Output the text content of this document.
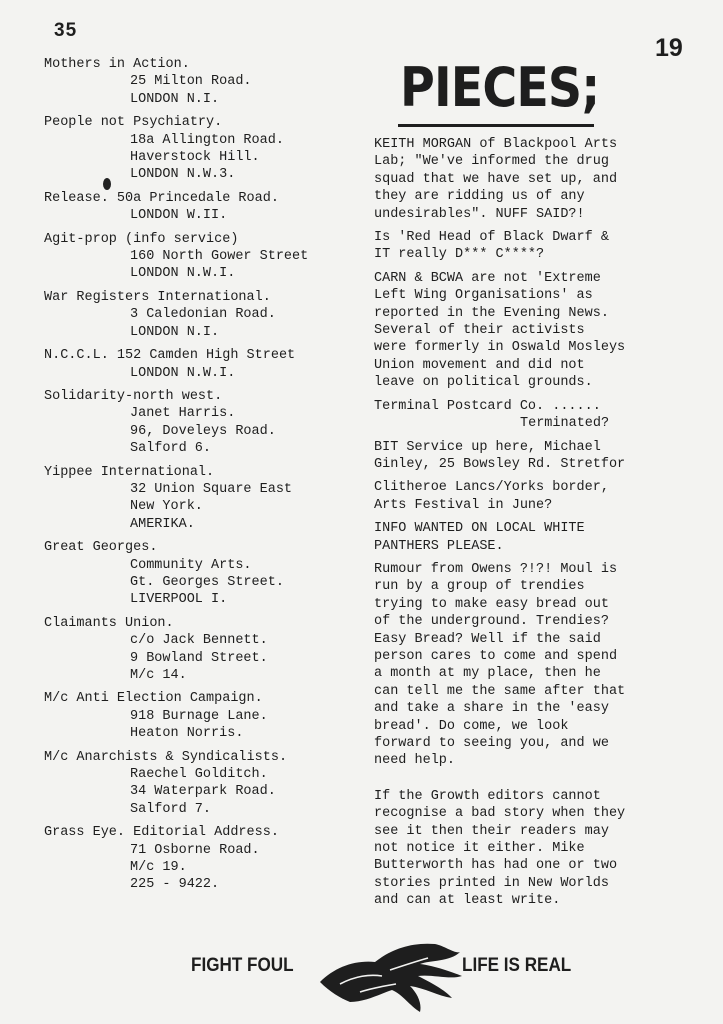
35
19
Mothers in Action.
25 Milton Road.
LONDON N.I.
People not Psychiatry.
18a Allington Road.
Haverstock Hill.
LONDON N.W.3.
Release. 50a Princedale Road.
LONDON W.II.
Agit-prop (info service)
160 North Gower Street
LONDON N.W.I.
War Registers International.
3 Caledonian Road.
LONDON N.I.
N.C.C.L. 152 Camden High Street
LONDON N.W.I.
Solidarity-north west.
Janet Harris.
96, Doveleys Road.
Salford 6.
Yippee International.
32 Union Square East
New York.
AMERIKA.
Great Georges.
Community Arts.
Gt. Georges Street.
LIVERPOOL I.
Claimants Union.
c/o Jack Bennett.
9 Bowland Street.
M/c 14.
M/c Anti Election Campaign.
918 Burnage Lane.
Heaton Norris.
M/c Anarchists & Syndicalists.
Raechel Golditch.
34 Waterpark Road.
Salford 7.
Grass Eye. Editorial Address.
71 Osborne Road.
M/c 19.
225 - 9422.
PIECES;
KEITH MORGAN of Blackpool Arts
Lab; "We've informed the drug
squad that we have set up, and
they are ridding us of any
undesirables". NUFF SAID?!
Is 'Red Head of Black Dwarf &
IT really D*** C****?
CARN & BCWA are not 'Extreme
Left Wing Organisations' as
reported in the Evening News.
Several of their activists
were formerly in Oswald Mosleys
Union movement and did not
leave on political grounds.
Terminal Postcard Co. ......
Terminated?
BIT Service up here, Michael
Ginley, 25 Bowsley Rd. Stretfor
Clitheroe Lancs/Yorks border,
Arts Festival in June?
INFO WANTED ON LOCAL WHITE
PANTHERS PLEASE.
Rumour from Owens ?!?! Moul is
run by a group of trendies
trying to make easy bread out
of the underground. Trendies?
Easy Bread? Well if the said
person cares to come and spend
a month at my place, then he
can tell me the same after that
and take a share in the 'easy
bread'. Do come, we look
forward to seeing you, and we
need help.
If the Growth editors cannot
recognise a bad story when they
see it then their readers may
not notice it either. Mike
Butterworth has had one or two
stories printed in New Worlds
and can at least write.
FIGHT FOUL	LIFE IS REAL
